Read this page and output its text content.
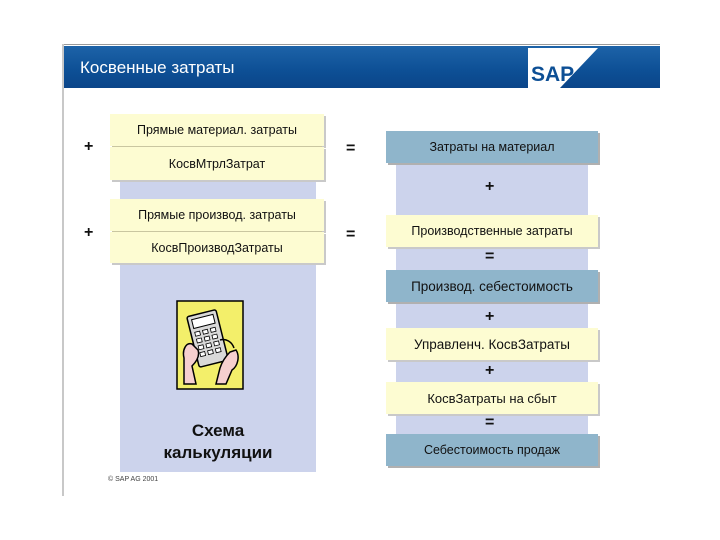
Косвенные затраты	SAP
Прямые материал. затраты
КосвМтрлЗатрат
Прямые производ. затраты
КосвПроизводЗатраты
+
+
=
=
Затраты на материал
Производственные затраты
Производ. себестоимость
Управленч. КосвЗатраты
КосвЗатраты на сбыт
Себестоимость продаж
+
=
+
+
=
Схема
калькуляции
© SAP AG 2001
